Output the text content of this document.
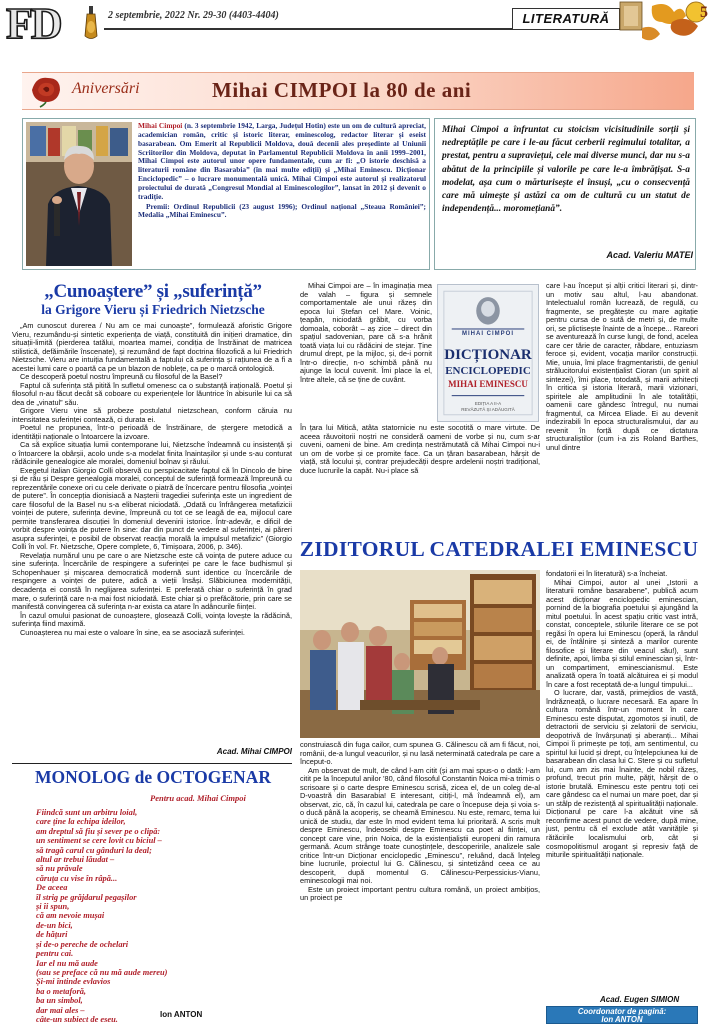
FD	2 septembrie, 2022 Nr. 29-30 (4403-4404)	LITERATURĂ	5
Aniversări	Mihai CIMPOI la 80 de ani
Mihai Cimpoi (n. 3 septembrie 1942, Larga, Județul Hotin) este un om de cultură apreciat, academician român, critic și istoric literar, eminescolog, redactor literar și eseist basarabean. Om Emerit al Republicii Moldova, două decenii ales președinte al Uniunii Scriitorilor din Moldova, deputat în Parlamentul Republicii Moldova în anii 1999–2001, Mihai Cimpoi este autorul unor opere fundamentale, cum ar fi: „O istorie deschisă a literaturii române din Basarabia” (în mai multe ediții) și „Mihai Eminescu. Dicționar Enciclopedic” – o lucrare monumentală unică. Mihai Cimpoi este autorul și realizatorul proiectului de durată „Congresul Mondial al Eminescologilor”, lansat în 2012 și devenit o tradiție.

Premii: Ordinul Republicii (23 august 1996); Ordinul național „Steaua României”; Medalia „Mihai Eminescu”.

Mihai Cimpoi a înfruntat cu stoicism vicisitudinile sorții și nedreptățile pe care i le-au făcut cerberii regimului totalitar, a prestat, pentru a supraviețui, cele mai diverse munci, dar nu s-a abătut de la principiile și valorile pe care le-a îmbrățișat. S-a modelat, așa cum o mărturisește el însuși, „cu o consecvență care mă uimește și astăzi ca om de cultură cu un statut de independență... moromețiană”.
Acad. Valeriu MATEI
„Cunoaștere” și „suferință”
la Grigore Vieru și Friedrich Nietzsche

„Am cunoscut durerea / Nu am ce mai cunoaște”, formulează aforistic Grigore Vieru, rezumându-și sintetic experiența de viață, constituită din inițieri dramatice, din situații-limită (pierderea tatălui, moartea mamei, condiția de înstrăinat de matricea stilistică, defăimările înscenate), și rezumând de fapt doctrina filozofică a lui Friedrich Nietzsche. Vieru are intuiția fundamentală a faptului că suferința și rațiunea de a fi a acestei lumi care o poartă ca pe un blazon de noblețe, ca pe o marcă ontologică.

Ce descoperă poetul nostru împreună cu filosoful de la Basel?

Faptul că suferința stă pitită în sufletul omenesc ca o substanță irațională. Poetul și filosoful n-au făcut decât să coboare cu experiențele lor lăuntrice în abisurile lui ca să dea de „vinatul” său.

Grigore Vieru vine să probeze postulatul nietzschean, conform căruia nu intensitatea suferinței contează, ci durata ei.

Poetul ne propunea, într-o perioadă de înstrăinare, de ștergere metodică a identității naționale o întoarcere la izvoare.

Ca să explice situația lumii contemporane lui, Nietzsche îndeamnă cu insistență și o întoarcere la obârșii, acolo unde s-a modelat finita înaintașilor și unde s-au conturat rădăcinile genealogice ale moralei, domeniul bolnav și răului.

Exegetul italian Giorgio Colli observă cu perspicacitate faptul că în Dincolo de bine și de rău și Despre genealogia moralei, conceptul de suferință formează împreună cu reprezentările conexe ori cu cele derivate o piatră de încercare pentru filosofia „voinței de putere”. În concepția dionisiacă a Nașterii tragediei suferința este un ingredient de care filosoful de la Basel nu s-a eliberat niciodată. „Odată cu înfrângerea metafizicii voinței de putere, suferința devine, împreună cu tot ce se leagă de ea, mijlocul care permite transferarea discuției în domeniul devenirii istorice. Într-adevăr, e dificil de vorbit despre voința de putere în sine: dar din punct de vedere al suferinței, ai păreri asupra suferinței, e posibil de observat reacția morală la impulsul metafizic” (Giorgio Colli în vol. Fr. Nietzsche, Opere complete, 6, Timișoara, 2006, p. 346).

Revelația numărul unu pe care o are Nietzsche este că voința de putere aduce cu sine suferința. Încercările de respingere a suferinței pe care le face budhismul și Schopenhauer și mișcarea democratică modernă sunt identice cu încercările de respingere a voinței de putere, adică a vieții însăși. Slăbiciunea modernității, decadența ei constă în neglijarea suferinței. E preferată chiar o suferință în grad mare, o suferință care n-a mai fost niciodată. Este chiar și o prefăcătorie, prin care se manifestă convingerea că suferința n-ar exista ca atare în adâncurile ființei.

În cazul omului pasionat de cunoaștere, glosează Colli, voința lovește la rădăcină, suferința fiind maximă.

Cunoașterea nu mai este o valoare în sine, ea se asociază suferinței.

Acad. Mihai CIMPOI
MONOLOG de OCTOGENAR
Pentru acad. Mihai Cimpoi
Fiindcă sunt un arbitru loial,
care ține la echipa ideilor,
am dreptul să fiu și sever pe o clipă:
un sentiment se cere lovit cu biciul –
să tragă carul cu gânduri la deal;
altul ar trebui lăudat –
să nu prăvale
căruța cu vise în râpă...
De aceea
îl strig pe grăjdarul pegașilor
și îi spun,
că am nevoie mușai
de-un bici,
de hățuri
și de-o pereche de ochelari
pentru cai.
Iar el nu mă aude
(sau se preface că nu mă aude mereu)
Și-mi întinde evlavios
ba o metaforă,
ba un simbol,
dar mai ales –
câte-un subiect de eseu.
Ion ANTON

Mihai Cimpoi are – în imaginația mea de valah – figura și semnele comportamentale ale unui răzeș din epoca lui Ștefan cel Mare. Voinic, țeapăn, niciodată grăbit, cu vorba domoala, coborât – aș zice – direct din spațiul sadovenian, pare că s-a hrănit toată viața lui cu rădăcini de stejar. Ține drumul drept, pe la mijloc, și, de-i pornit într-o direcție, n-o schimbă până nu ajunge la locul cuvenit. Îmi place la el, între altele, că se ține de cuvânt.

MIHAI CIMPOI
DICȚIONAR
ENCICLOPEDIC
MIHAI EMINESCU
EDIȚIA A II-A
REVĂZUTĂ ȘI ADĂUGITĂ

În țara lui Miticâ, atâta statornicie nu este socotită o mare virtute. De aceea răuvoitorii noștri ne consideră oameni de vorbe și nu, cum s-ar cuveni, oameni de bine. Am credința nestrămutată că Mihai Cimpoi nu-i un om de vorbe și ce promite face. Ca un țăran basarabean, hărșit de viață, stă locului și, contrar prejudecății despre ardelenii noștri tradițional, duce lucrurile la capăt. Nu-i place să

care l-au început și alții critici literari și, dintr-un motiv sau altul, l-au abandonat. Intelectualul român lucrează, de regulă, cu fragmente, se pregătește cu mare agitație pentru cursa de o sută de metri și, de multe ori, se plictisește înainte de a începe... Rareori se aventurează în curse lungi, de fond, acelea care cer tărie de caracter, răbdare, entuziasm feroce și, evident, vocația marilor construcții. Mie, unuia, îmi place fragmentaristii, de geniul strălucitorului existențialist Cioran (un spirit al sintezei), îmi place, totodată, și marii arhitecți în critica și istoria literară, marii vizionari, spiritele ale amplitudinii în ale totalității, oamenii care gândesc întregul, nu numai fragmentul, ca Mircea Eliade. Ei au devenit indezirabili în epoca structuralismului, dar au revenit în forță după ce dictatura structuraliștilor (cum i-a zis Roland Barthes, unul dintre

ZIDITORUL CATEDRALEI EMINESCU

construiască din fuga cailor, cum spunea G. Călinescu că am fi făcut, noi, românii, de-a lungul veacurilor, și nu lasă neterminată catedrala pe care a început-o.

Am observat de mult, de când l-am citit (și am mai spus-o o dată: l-am citit pe la începutul anilor '80, când filosoful Constantin Noica mi-a trimis o scrisoare și o carte despre Eminescu scrisă, zicea el, de un coleg de-al D-voastră din Basarabia! E interesant, citiți-l, mă îndeamnă el), am observat, zic, că, în cazul lui, catedrala pe care o începuse deja și voia s-o ducă până la acoperiș, se cheamă Eminescu. Nu este, remarc, tema lui unică de studiu, dar este în mod evident tema lui prioritară. A scris mult despre Eminescu, îndeosebi despre Eminescu ca poet al ființei, un concept care vine, prin Noica, de la existențialiștii europeni din ramura germană. Acum strânge toate cunoștințele, descoperirile, analizele sale critice într-un Dicționar enciclopedic „Eminescu”, reluând, dacă înțeleg bine lucrurile, proiectul lui G. Călinescu, și sintetizând ceea ce au descoperit, după momentul G. Călinescu-Perpessicius-Vianu, eminescologii mai noi.

Este un proiect important pentru cultura română, un proiect ambițios, un proiect pe

fondatorii ei în literatură) s-a încheiat.

Mihai Cimpoi, autor al unei „Istorii a literaturii române basarabene”, publică acum acest dicționar enciclopedic eminescian, pornind de la biografia poetului și ajungând la mitul poetului. În acest spațiu critic vast intră, constat, conceptele, stilurile literare ce se pot regăsi în opera lui Eminescu (operă, la rândul ei, de întâlnire și sinteză a marilor curente filosofice și literare din veacul său!), sunt definite, apoi, limba și stilul eminescian și, într-un compartiment, eminescianismul. Este analizată opera în toată alcătuirea ei și modul în care a fost receptată de-a lungul timpului...

O lucrare, dar, vastă, primejdios de vastă, îndrăzneață, o lucrare necesară. Ea apare în cultura română într-un moment în care Eminescu este disputat, zgomotos și inutil, de detractorii de serviciu și zelatorii de serviciu, deopotrivă de învârșunați și aberanți... Mihai Cimpoi îi primește pe toți, am sentimentul, cu spiritul lui lucid și drept, cu înțelepciunea lui de basarabean din clasa lui C. Stere și cu sufletul lui, cum am zis mai înainte, de nobil răzeș, profund, trecut prin multe, pățit, hărșit de o istorie brutală. Eminescu este pentru toți cei care gândesc ca el numai un mare poet, dar și un stâlp de rezistență al spiritualității naționale. Dicționarul pe care l-a alcătuit vine să reconfirme acest punct de vedere, după mine, just, pentru că el exclude atât vanitățile și rătăcirile localismului orb, cât și cosmopolitismul arogant și represiv față de miturile spiritualității naționale.

Acad. Eugen SIMION
Coordonator de pagină:
Ion ANTON
